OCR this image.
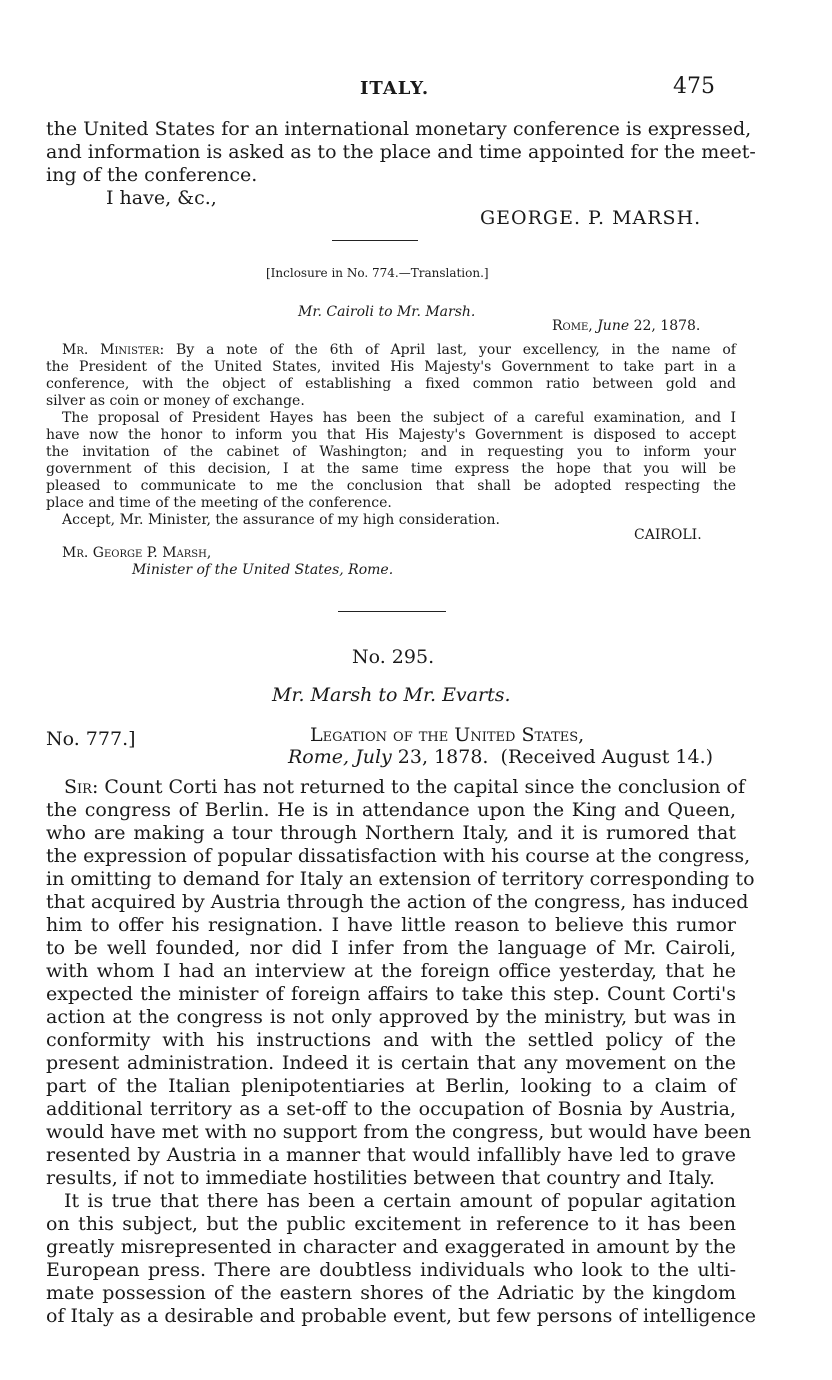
ITALY.	475
the United States for an international monetary conference is expressed,
and information is asked as to the place and time appointed for the meet-
ing of the conference.
I have, &c.,
GEORGE. P. MARSH.
[Inclosure in No. 774.—Translation.]
Mr. Cairoli to Mr. Marsh.
Rome, June 22, 1878.
Mr. Minister: By a note of the 6th of April last, your excellency, in the name of
the President of the United States, invited His Majesty's Government to take part in a
conference, with the object of establishing a fixed common ratio between gold and
silver as coin or money of exchange.
The proposal of President Hayes has been the subject of a careful examination, and I
have now the honor to inform you that His Majesty's Government is disposed to accept
the invitation of the cabinet of Washington; and in requesting you to inform your
government of this decision, I at the same time express the hope that you will be
pleased to communicate to me the conclusion that shall be adopted respecting the
place and time of the meeting of the conference.
Accept, Mr. Minister, the assurance of my high consideration.
CAIROLI.
Mr. George P. Marsh,
Minister of the United States, Rome.
No. 295.
Mr. Marsh to Mr. Evarts.
No. 777.]	Legation of the United States,
Rome, July 23, 1878. (Received August 14.)
Sir: Count Corti has not returned to the capital since the conclusion of
the congress of Berlin. He is in attendance upon the King and Queen,
who are making a tour through Northern Italy, and it is rumored that
the expression of popular dissatisfaction with his course at the congress,
in omitting to demand for Italy an extension of territory corresponding to
that acquired by Austria through the action of the congress, has induced
him to offer his resignation. I have little reason to believe this rumor
to be well founded, nor did I infer from the language of Mr. Cairoli,
with whom I had an interview at the foreign office yesterday, that he
expected the minister of foreign affairs to take this step. Count Corti's
action at the congress is not only approved by the ministry, but was in
conformity with his instructions and with the settled policy of the
present administration. Indeed it is certain that any movement on the
part of the Italian plenipotentiaries at Berlin, looking to a claim of
additional territory as a set-off to the occupation of Bosnia by Austria,
would have met with no support from the congress, but would have been
resented by Austria in a manner that would infallibly have led to grave
results, if not to immediate hostilities between that country and Italy.
It is true that there has been a certain amount of popular agitation
on this subject, but the public excitement in reference to it has been
greatly misrepresented in character and exaggerated in amount by the
European press. There are doubtless individuals who look to the ulti-
mate possession of the eastern shores of the Adriatic by the kingdom
of Italy as a desirable and probable event, but few persons of intelligence
